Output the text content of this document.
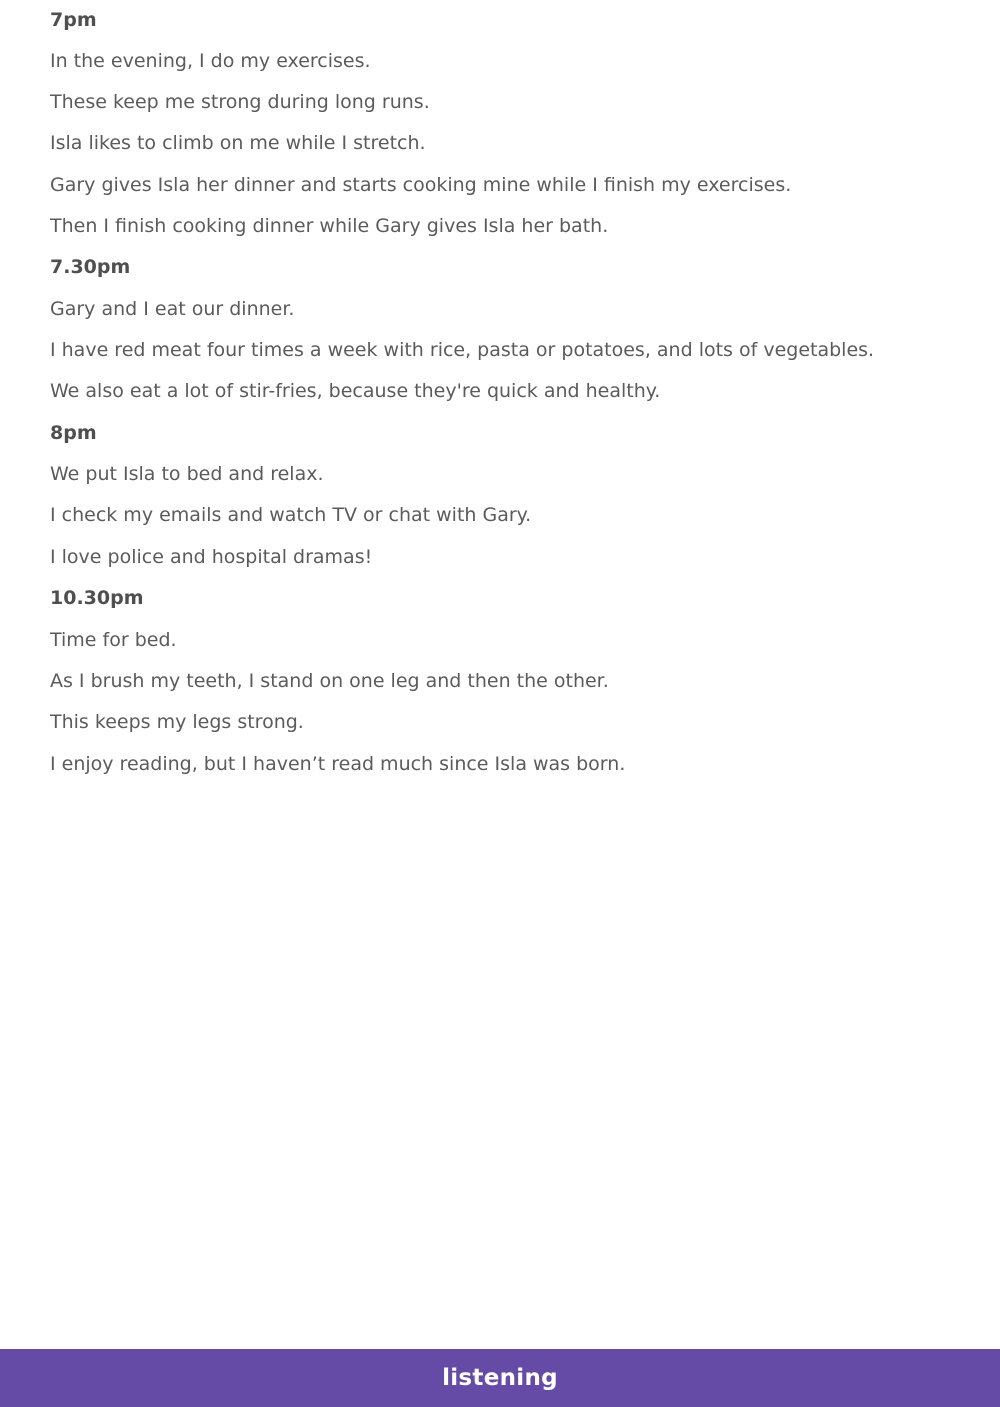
7pm
In the evening, I do my exercises.
These keep me strong during long runs.
Isla likes to climb on me while I stretch.
Gary gives Isla her dinner and starts cooking mine while I finish my exercises.
Then I finish cooking dinner while Gary gives Isla her bath.
7.30pm
Gary and I eat our dinner.
I have red meat four times a week with rice, pasta or potatoes, and lots of vegetables.
We also eat a lot of stir-fries, because they're quick and healthy.
8pm
We put Isla to bed and relax.
I check my emails and watch TV or chat with Gary.
I love police and hospital dramas!
10.30pm
Time for bed.
As I brush my teeth, I stand on one leg and then the other.
This keeps my legs strong.
I enjoy reading, but I haven’t read much since Isla was born.
listening
